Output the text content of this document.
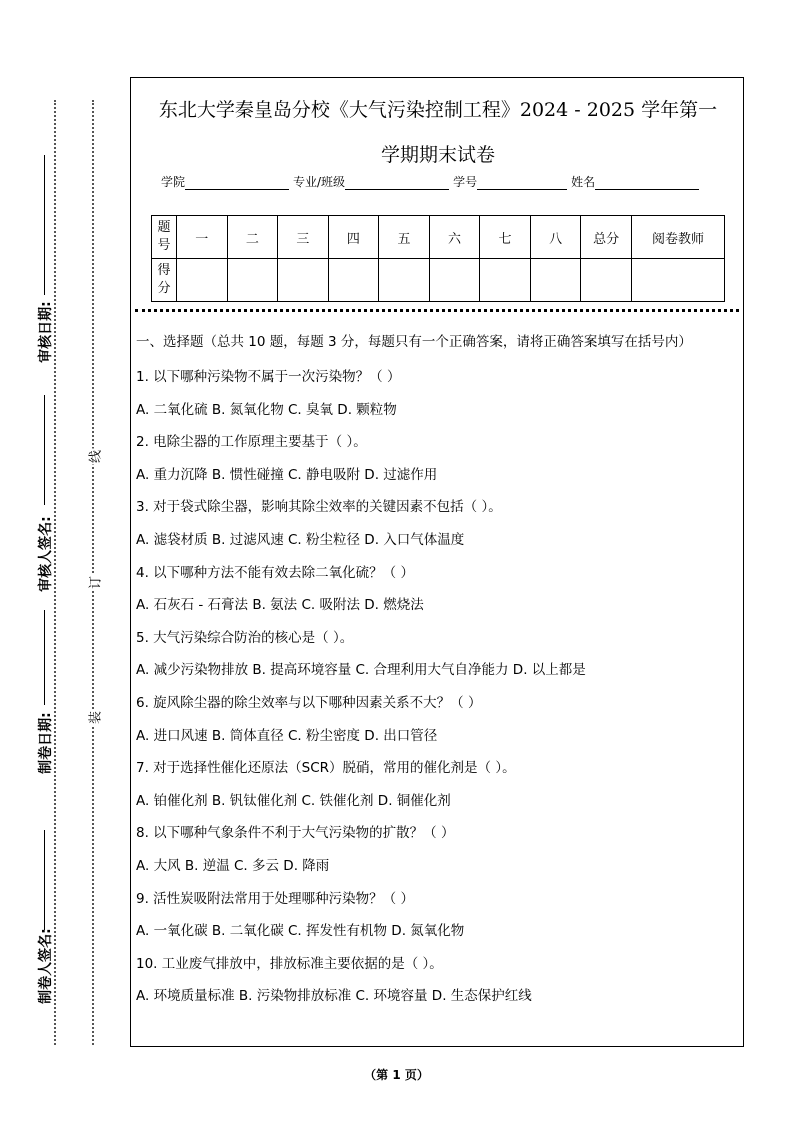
审核日期:
审核人签名:
制卷日期:
制卷人签名:
线
订
装
东北大学秦皇岛分校《大气污染控制工程》2024 - 2025 学年第一
学期期末试卷
学院	专业/班级	学号	姓名
题号	一	二	三	四	五	六	七	八	总分	阅卷教师
得分										

一、选择题（总共 10 题，每题 3 分，每题只有一个正确答案，请将正确答案填写在括号内）

1. 以下哪种污染物不属于一次污染物？（ ）
A. 二氧化硫 B. 氮氧化物 C. 臭氧 D. 颗粒物
2. 电除尘器的工作原理主要基于（ ）。
A. 重力沉降 B. 惯性碰撞 C. 静电吸附 D. 过滤作用
3. 对于袋式除尘器，影响其除尘效率的关键因素不包括（ ）。
A. 滤袋材质 B. 过滤风速 C. 粉尘粒径 D. 入口气体温度
4. 以下哪种方法不能有效去除二氧化硫？（ ）
A. 石灰石 - 石膏法 B. 氨法 C. 吸附法 D. 燃烧法
5. 大气污染综合防治的核心是（ ）。
A. 减少污染物排放 B. 提高环境容量 C. 合理利用大气自净能力 D. 以上都是
6. 旋风除尘器的除尘效率与以下哪种因素关系不大？（ ）
A. 进口风速 B. 筒体直径 C. 粉尘密度 D. 出口管径
7. 对于选择性催化还原法（SCR）脱硝，常用的催化剂是（ ）。
A. 铂催化剂 B. 钒钛催化剂 C. 铁催化剂 D. 铜催化剂
8. 以下哪种气象条件不利于大气污染物的扩散？（ ）
A. 大风 B. 逆温 C. 多云 D. 降雨
9. 活性炭吸附法常用于处理哪种污染物？（ ）
A. 一氧化碳 B. 二氧化碳 C. 挥发性有机物 D. 氮氧化物
10. 工业废气排放中，排放标准主要依据的是（ ）。
A. 环境质量标准 B. 污染物排放标准 C. 环境容量 D. 生态保护红线
（第 1 页）
